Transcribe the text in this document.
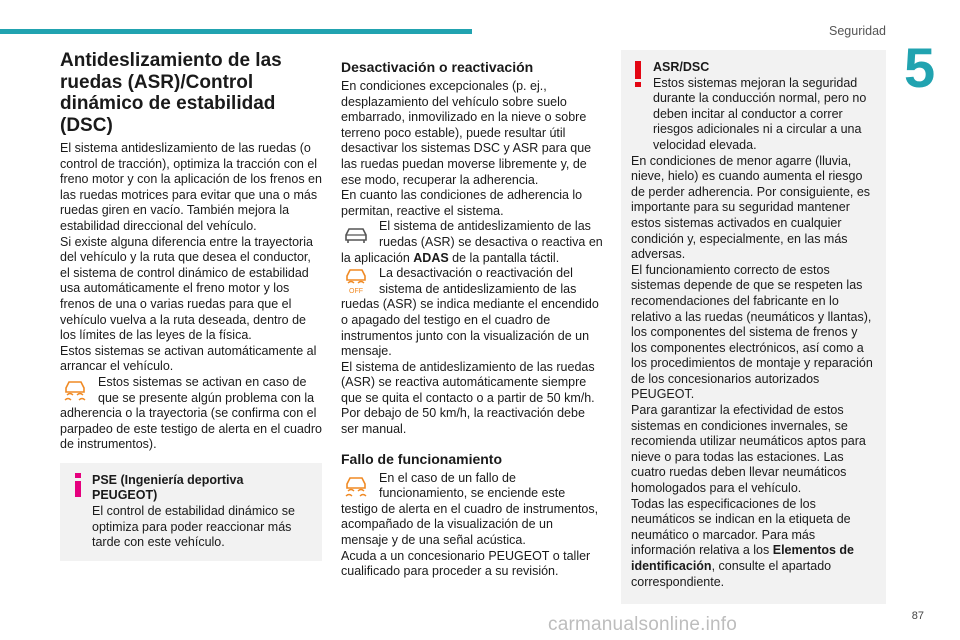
Seguridad
5
Antideslizamiento de las
ruedas (ASR)/Control
dinámico de estabilidad
(DSC)

El sistema antideslizamiento de las ruedas (o control de tracción), optimiza la tracción con el freno motor y con la aplicación de los frenos en las ruedas motrices para evitar que una o más ruedas giren en vacío. También mejora la estabilidad direccional del vehículo.

Si existe alguna diferencia entre la trayectoria del vehículo y la ruta que desea el conductor, el sistema de control dinámico de estabilidad usa automáticamente el freno motor y los frenos de una o varias ruedas para que el vehículo vuelva a la ruta deseada, dentro de los límites de las leyes de la física.

Estos sistemas se activan automáticamente al arrancar el vehículo.

Estos sistemas se activan en caso de que se presente algún problema con la adherencia o la trayectoria (se confirma con el parpadeo de este testigo de alerta en el cuadro de instrumentos).

PSE (Ingeniería deportiva PEUGEOT)

El control de estabilidad dinámico se optimiza para poder reaccionar más tarde con este vehículo.

Desactivación o reactivación

En condiciones excepcionales (p. ej., desplazamiento del vehículo sobre suelo embarrado, inmovilizado en la nieve o sobre terreno poco estable), puede resultar útil desactivar los sistemas DSC y ASR para que las ruedas puedan moverse libremente y, de ese modo, recuperar la adherencia.

En cuanto las condiciones de adherencia lo permitan, reactive el sistema.

El sistema de antideslizamiento de las ruedas (ASR) se desactiva o reactiva en la aplicación ADAS de la pantalla táctil.

OFF

La desactivación o reactivación del sistema de antideslizamiento de las ruedas (ASR) se indica mediante el encendido o apagado del testigo en el cuadro de instrumentos junto con la visualización de un mensaje.

El sistema de antideslizamiento de las ruedas (ASR) se reactiva automáticamente siempre que se quita el contacto o a partir de 50 km/h.

Por debajo de 50 km/h, la reactivación debe ser manual.

Fallo de funcionamiento

En el caso de un fallo de funcionamiento, se enciende este testigo de alerta en el cuadro de instrumentos, acompañado de la visualización de un mensaje y de una señal acústica.

Acuda a un concesionario PEUGEOT o taller cualificado para proceder a su revisión.

ASR/DSC

Estos sistemas mejoran la seguridad durante la conducción normal, pero no deben incitar al conductor a correr riesgos adicionales ni a circular a una velocidad elevada.

En condiciones de menor agarre (lluvia, nieve, hielo) es cuando aumenta el riesgo de perder adherencia. Por consiguiente, es importante para su seguridad mantener estos sistemas activados en cualquier condición y, especialmente, en las más adversas.

El funcionamiento correcto de estos sistemas depende de que se respeten las recomendaciones del fabricante en lo relativo a las ruedas (neumáticos y llantas), los componentes del sistema de frenos y los componentes electrónicos, así como a los procedimientos de montaje y reparación de los concesionarios autorizados PEUGEOT.

Para garantizar la efectividad de estos sistemas en condiciones invernales, se recomienda utilizar neumáticos aptos para nieve o para todas las estaciones. Las cuatro ruedas deben llevar neumáticos homologados para el vehículo.

Todas las especificaciones de los neumáticos se indican en la etiqueta de neumático o marcador. Para más información relativa a los Elementos de identificación, consulte el apartado correspondiente.

87
carmanualsonline.info
